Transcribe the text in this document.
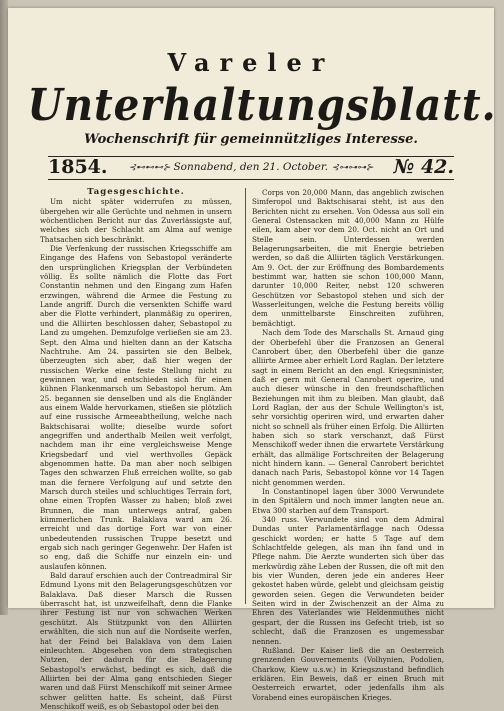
Vareler
Unterhaltungsblatt.
Wochenschrift für gemeinnützliges Interesse.
1854. ⊰⊷⊷⊷⊱ Sonnabend, den 21. October. ⊰⊶⊶⊶⊱ № 42.

Tagesgeschichte.

Um nicht später widerrufen zu müssen, übergehen wir alle Gerüchte und nehmen in unsern wöchentlichen Bericht nur das Zuverlässigste auf, welches sich der Schlacht am Alma auf wenige Thatsachen sich beschränkt.

Die Verfenkung der russischen Kriegsschiffe am Eingange des Hafens von Sebastopol veränderte den ursprünglichen Kriegsplan der Verbündeten völlig. Es sollte nämlich die Flotte das Fort Constantin nehmen und den Eingang zum Hafen erzwingen, während die Armee die Festung zu Lande angriff. Durch die versenkten Schiffe ward aber die Flotte verhindert, planmäßig zu operiren, und die Alliirten beschlossen daher, Sebastopol zu Land zu umgehen. Demzufolge verließen sie am 23. Sept. den Alma und hielten dann an der Katscha Nachtruhe. Am 24. passirten sie den Belbek, überzeugten sich aber, daß hier wegen der russischen Werke eine feste Stellung nicht zu gewinnen war, und entschieden sich für einen kühnen Flankenmarsch um Sebastopol herum. Am 25. begannen sie denselben und als die Engländer aus einem Walde hervorkamen, stießen sie plötzlich auf eine russische Armeeabtheilung, welche nach Baktschisarai wollte; dieselbe wurde sofort angegriffen und anderthalb Meilen weit verfolgt, nachdem man ihr eine vergleichsweise Menge Kriegsbedarf und viel werthvolles Gepäck abgenommen hatte. Da man aber noch selbigen Tages den schwarzen Fluß erreichen wollte, so gab man die fernere Verfolgung auf und setzte den Marsch durch steiles und schluchtiges Terrain fort, ohne einen Tropfen Wasser zu haben; bloß zwei Brunnen, die man unterwegs antraf, gaben kümmerlichen Trunk. Balaklava ward am 26. erreicht und das dortige Fort war von einer unbedeutenden russischen Truppe besetzt und ergab sich nach geringer Gegenwehr. Der Hafen ist so eng, daß die Schiffe nur einzeln ein- und auslaufen können.

Bald darauf erschien auch der Contreadmiral Sir Edmund Lyons mit den Belagerungsgeschützen vor Balaklava. Daß dieser Marsch die Russen überrascht hat, ist unzweifelhaft, denn die Flanke ihrer Festung ist nur von schwachen Werken geschützt. Als Stützpunkt von den Alliirten erwählten, die sich nun auf die Nordseite werfen, hat der Feind bei Balaklava von dem Laien einleuchten. Abgesehen von dem strategischen Nutzen, der dadurch für die Belagerung Sebastopol's erwächst, bedingt es sich, daß die Alliirten bei der Alma gang entschieden Sieger waren und daß Fürst Menschikoff mit seiner Armee schwer gelitten hatte. Es scheint, daß Fürst Menschikoff weiß, es ob Sebastopol oder bei den

Corps von 20,000 Mann, das angeblich zwischen Simferopol und Baktschisarai steht, ist aus den Berichten nicht zu ersehen. Von Odessa aus soll ein General Ostensacken mit 40,000 Mann zu Hülfe eilen, kam aber vor dem 20. Oct. nicht an Ort und Stelle sein. Unterdessen werden Belagerungsarbeiten, die mit Energie betrieben werden, so daß die Alliirten täglich Verstärkungen. Am 9. Oct. der zur Eröffnung des Bombardements bestimmt war, hatten sie schon 100,000 Mann, darunter 10,000 Reiter, nebst 120 schweren Geschützen vor Sebastopol stehen und sich der Wasserleitungen, welche die Festung bereits völlig dem unmittelbarste Einschreiten zuführen, bemächtigt.

Nach dem Tode des Marschalls St. Arnaud ging der Oberbefehl über die Franzosen an General Canrobert über, den Oberbefehl über die ganze alliirte Armee aber erhielt Lord Raglan. Der letztere sagt in einem Bericht an den engl. Kriegsminister, daß er gern mit General Canrobert operire, und auch dieser wünsche in den freundschaftlichen Beziehungen mit ihm zu bleiben. Man glaubt, daß Lord Raglan, der aus der Schule Wellington's ist, sehr vorsichtig operiren wird, und erwarten daher nicht so schnell als früher einen Erfolg. Die Alliirten haben sich so stark verschanzt, daß Fürst Menschikoff weder ihnen die erwartete Verstärkung erhält, das allmälige Fortschreiten der Belagerung nicht hindern kann. — General Canrobert berichtet danach nach Paris, Sebastopol könne vor 14 Tagen nicht genommen werden.

In Constantinopel lagen über 3000 Verwundete in den Spitälern und noch immer langten neue an. Etwa 300 starben auf dem Transport.

340 russ. Verwundete sind von dem Admiral Dundas unter Parlamentärflagge nach Odessa geschickt worden; er hatte 5 Tage auf dem Schlachtfelde gelegen, als man ihn fand und in Pflege nahm. Die Aerzte wunderten sich über das merkwürdig zähe Leben der Russen, die oft mit den bis vier Wunden, deren jede ein anderes Heer gekostet haben würde, gelebt und gleichsam geistig geworden seien. Gegen die Verwundeten beider Seiten wird in der Zwischenzeit an der Alma zu Ehren des Vaterlandes wie Heldenmuthes nicht gespart, der die Russen ins Gefecht trieb, ist so schlecht, daß die Franzosen es ungemessbar nennen.

Rußland. Der Kaiser ließ die an Oesterreich grenzenden Gouvernements (Volhynien, Podolien, Charkow, Kiew u.s.w.) in Kriegszustand befindlich erklären. Ein Beweis, daß er einen Bruch mit Oesterreich erwartet, oder jedenfalls ihm als Vorabend eines europäischen Krieges.
